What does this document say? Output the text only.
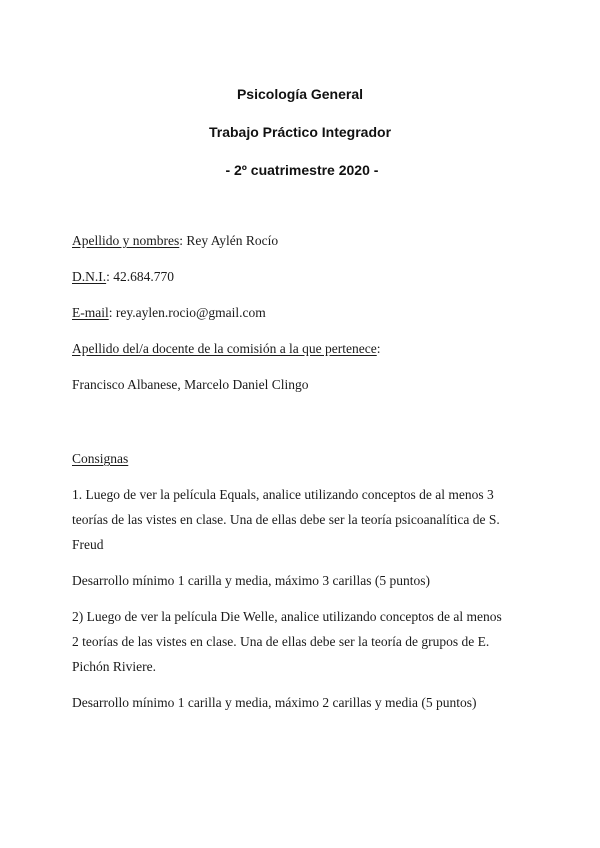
Psicología General
Trabajo Práctico Integrador
- 2º cuatrimestre 2020 -
Apellido y nombres: Rey Aylén Rocío
D.N.I.: 42.684.770
E-mail: rey.aylen.rocio@gmail.com
Apellido del/a docente de la comisión a la que pertenece:
Francisco Albanese, Marcelo Daniel Clingo
Consignas
1. Luego de ver la película Equals, analice utilizando conceptos de al menos 3
teorías de las vistes en clase. Una de ellas debe ser la teoría psicoanalítica de S.
Freud
Desarrollo mínimo 1 carilla y media, máximo 3 carillas (5 puntos)
2) Luego de ver la película Die Welle, analice utilizando conceptos de al menos
2 teorías de las vistes en clase. Una de ellas debe ser la teoría de grupos de E.
Pichón Riviere.
Desarrollo mínimo 1 carilla y media, máximo 2 carillas y media (5 puntos)
